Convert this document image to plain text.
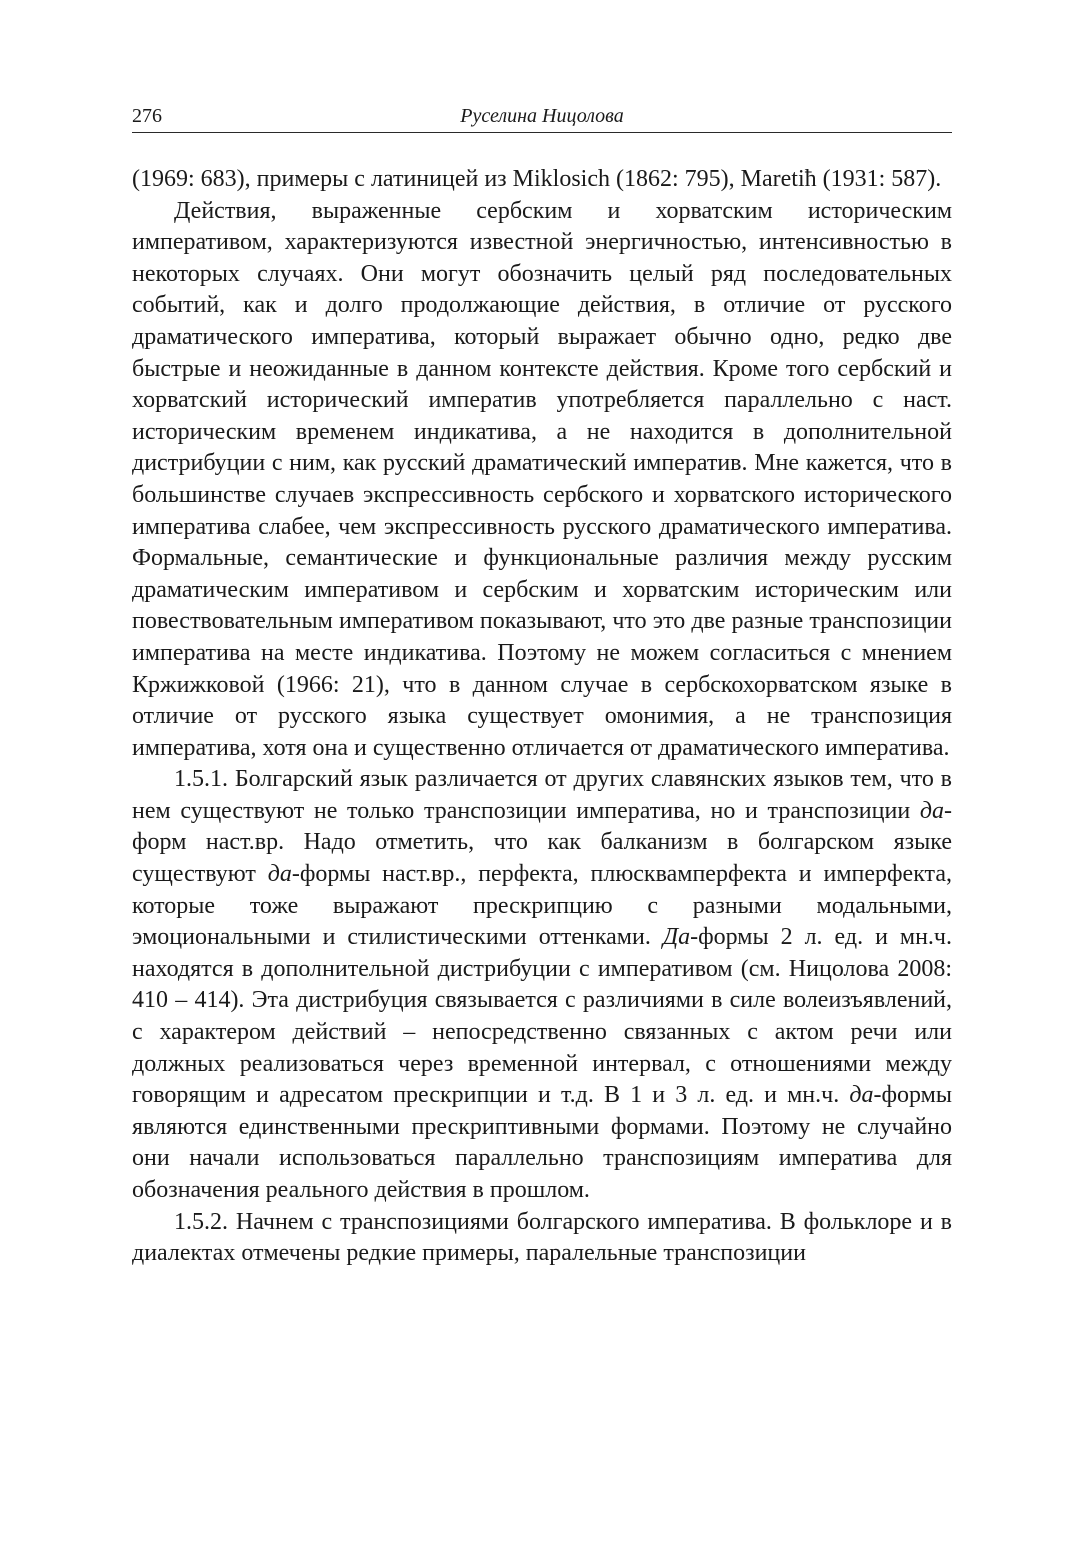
276	Руселина Ницолова

(1969: 683), примеры с латиницей из Miklosich (1862: 795), Maretiħ (1931: 587).

Действия, выраженные сербским и хорватским историческим императивом, характеризуются известной энергичностью, интенсивностью в некоторых случаях. Они могут обозначить целый ряд последовательных событий, как и долго продолжающие действия, в отличие от русского драматического императива, который выражает обычно одно, редко две быстрые и неожиданные в данном контексте действия. Кроме того сербский и хорватский исторический императив употребляется параллельно с наст. историческим временем индикатива, а не находится в дополнительной дистрибуции с ним, как русский драматический императив. Мне кажется, что в большинстве случаев экспрессивность сербского и хорватского исторического императива слабее, чем экспрессивность русского драматического императива. Формальные, семантические и функциональные различия между русским драматическим императивом и сербским и хорватским историческим или повествовательным императивом показывают, что это две разные транспозиции императива на месте индикатива. Поэтому не можем согласиться с мнением Кржижковой (1966: 21), что в данном случае в сербскохорватском языке в отличие от русского языка существует омонимия, а не транспозиция императива, хотя она и существенно отличается от драматического императива.

1.5.1. Болгарский язык различается от других славянских языков тем, что в нем существуют не только транспозиции императива, но и транспозиции да-форм наст.вр. Надо отметить, что как балканизм в болгарском языке существуют да-формы наст.вр., перфекта, плюсквамперфекта и имперфекта, которые тоже выражают прескрипцию с разными модальными, эмоциональными и стилистическими оттенками. Да-формы 2 л. ед. и мн.ч. находятся в дополнительной дистрибуции с императивом (см. Ницолова 2008: 410 – 414). Эта дистрибуция связывается с различиями в силе волеизъявлений, с характером действий – непосредственно связанных с актом речи или должных реализоваться через временной интервал, с отношениями между говорящим и адресатом прескрипции и т.д. В 1 и 3 л. ед. и мн.ч. да-формы являются единственными прескриптивными формами. Поэтому не случайно они начали использоваться параллельно транспозициям императива для обозначения реального действия в прошлом.

1.5.2. Начнем с транспозициями болгарского императива. В фольклоре и в диалектах отмечены редкие примеры, паралельные транспозиции
